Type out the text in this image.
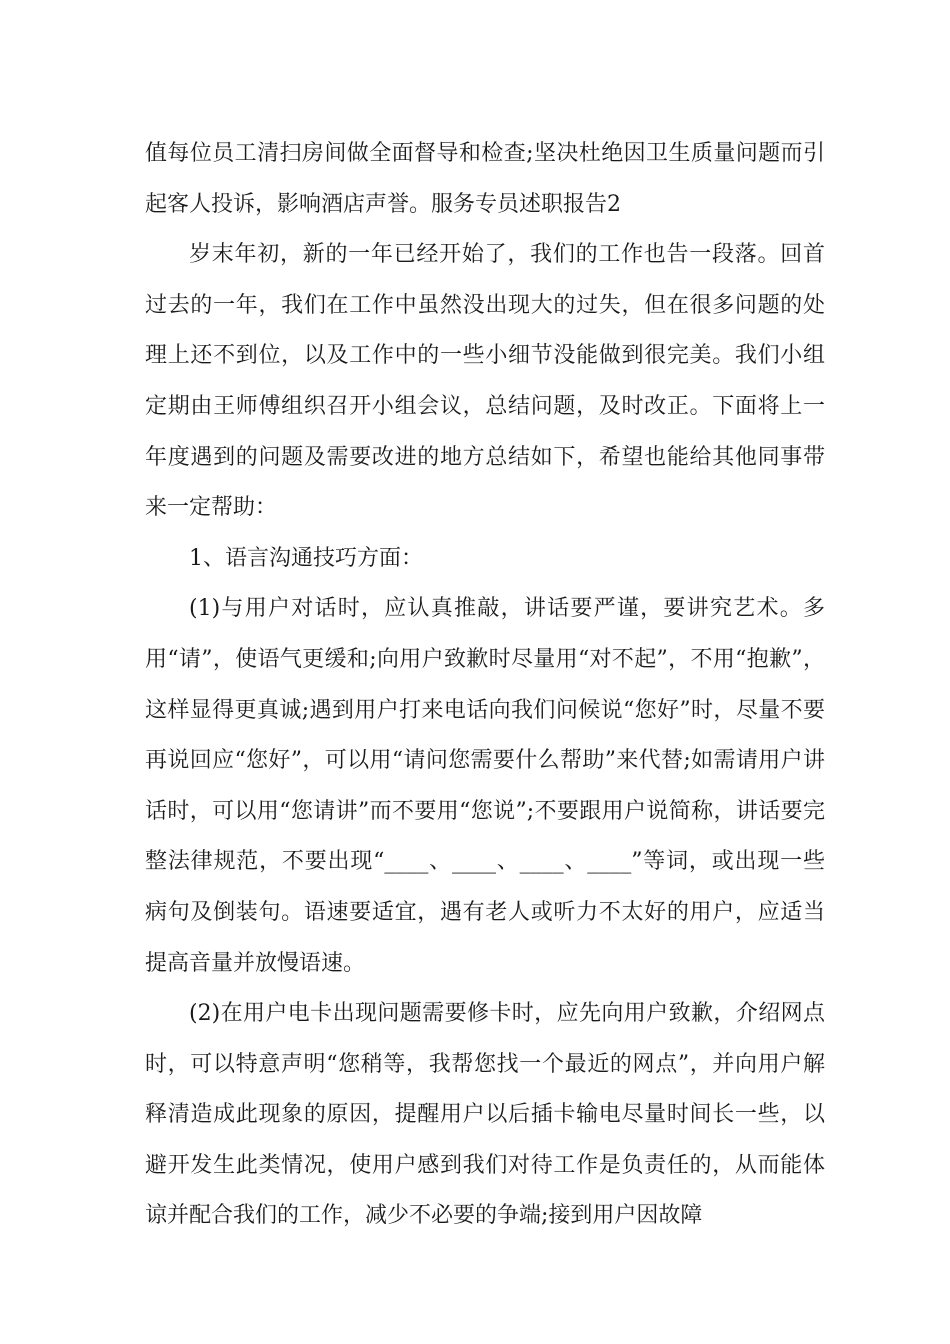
值每位员工清扫房间做全面督导和检查;坚决杜绝因卫生质量问题而引起客人投诉，影响酒店声誉。服务专员述职报告2

岁末年初，新的一年已经开始了，我们的工作也告一段落。回首过去的一年，我们在工作中虽然没出现大的过失，但在很多问题的处理上还不到位，以及工作中的一些小细节没能做到很完美。我们小组定期由王师傅组织召开小组会议，总结问题，及时改正。下面将上一年度遇到的问题及需要改进的地方总结如下，希望也能给其他同事带来一定帮助：

1、语言沟通技巧方面：

(1)与用户对话时，应认真推敲，讲话要严谨，要讲究艺术。多用“请”，使语气更缓和;向用户致歉时尽量用“对不起”，不用“抱歉”，这样显得更真诚;遇到用户打来电话向我们问候说“您好”时，尽量不要再说回应“您好”，可以用“请问您需要什么帮助”来代替;如需请用户讲话时，可以用“您请讲”而不要用“您说”;不要跟用户说简称，讲话要完整法律规范，不要出现“____、____、____、____”等词，或出现一些病句及倒装句。语速要适宜，遇有老人或听力不太好的用户，应适当提高音量并放慢语速。

(2)在用户电卡出现问题需要修卡时，应先向用户致歉，介绍网点时，可以特意声明“您稍等，我帮您找一个最近的网点”，并向用户解释清造成此现象的原因，提醒用户以后插卡输电尽量时间长一些，以避开发生此类情况，使用户感到我们对待工作是负责任的，从而能体谅并配合我们的工作，减少不必要的争端;接到用户因故障
